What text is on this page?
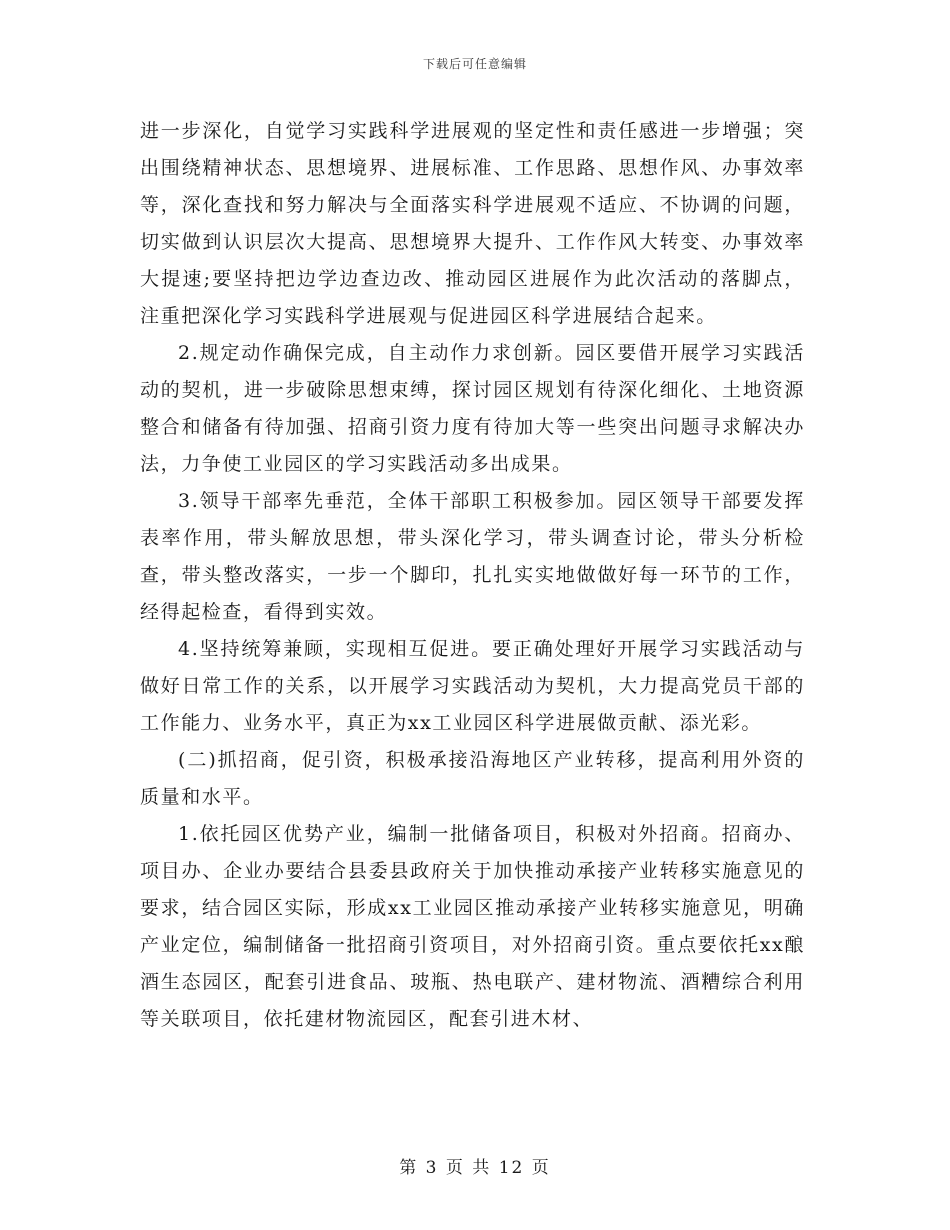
下载后可任意编辑

进一步深化，自觉学习实践科学进展观的坚定性和责任感进一步增强；突出围绕精神状态、思想境界、进展标准、工作思路、思想作风、办事效率等，深化查找和努力解决与全面落实科学进展观不适应、不协调的问题，切实做到认识层次大提高、思想境界大提升、工作作风大转变、办事效率大提速;要坚持把边学边查边改、推动园区进展作为此次活动的落脚点，注重把深化学习实践科学进展观与促进园区科学进展结合起来。

2.规定动作确保完成，自主动作力求创新。园区要借开展学习实践活动的契机，进一步破除思想束缚，探讨园区规划有待深化细化、土地资源整合和储备有待加强、招商引资力度有待加大等一些突出问题寻求解决办法，力争使工业园区的学习实践活动多出成果。

3.领导干部率先垂范，全体干部职工积极参加。园区领导干部要发挥表率作用，带头解放思想，带头深化学习，带头调查讨论，带头分析检查，带头整改落实，一步一个脚印，扎扎实实地做做好每一环节的工作，经得起检查，看得到实效。

4.坚持统筹兼顾，实现相互促进。要正确处理好开展学习实践活动与做好日常工作的关系，以开展学习实践活动为契机，大力提高党员干部的工作能力、业务水平，真正为xx工业园区科学进展做贡献、添光彩。

(二)抓招商，促引资，积极承接沿海地区产业转移，提高利用外资的质量和水平。

1.依托园区优势产业，编制一批储备项目，积极对外招商。招商办、项目办、企业办要结合县委县政府关于加快推动承接产业转移实施意见的要求，结合园区实际，形成xx工业园区推动承接产业转移实施意见，明确产业定位，编制储备一批招商引资项目，对外招商引资。重点要依托xx酿酒生态园区，配套引进食品、玻瓶、热电联产、建材物流、酒糟综合利用等关联项目，依托建材物流园区，配套引进木材、

第 3 页 共 12 页
